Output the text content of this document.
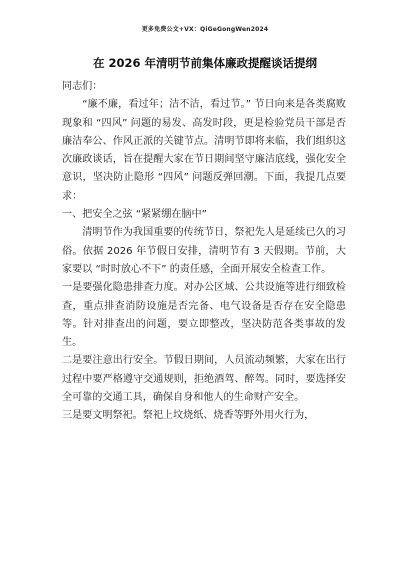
更多免费公文+VX：QiGeGongWen2024
在 2026 年清明节前集体廉政提醒谈话提纲

同志们：

“廉不廉，看过年；洁不洁，看过节。” 节日向来是各类腐败现象和 “四风” 问题的易发、高发时段，更是检验党员干部是否廉洁奉公、作风正派的关键节点。清明节即将来临，我们组织这次廉政谈话，旨在提醒大家在节日期间坚守廉洁底线，强化安全意识，坚决防止隐形 “四风” 问题反弹回潮。下面，我提几点要求：

一、把安全之弦 “紧紧绷在脑中”

清明节作为我国重要的传统节日，祭祀先人是延续已久的习俗。依据 2026 年节假日安排，清明节有 3 天假期。节前，大家要以 “时时放心不下” 的责任感，全面开展安全检查工作。

一是要强化隐患排查力度。对办公区域、公共设施等进行细致检查，重点排查消防设施是否完备、电气设备是否存在安全隐患等。针对排查出的问题，要立即整改，坚决防范各类事故的发生。

二是要注意出行安全。节假日期间，人员流动频繁，大家在出行过程中要严格遵守交通规则，拒绝酒驾、醉驾。同时，要选择安全可靠的交通工具，确保自身和他人的生命财产安全。

三是要文明祭祀。祭祀上坟烧纸、烧香等野外用火行为，
